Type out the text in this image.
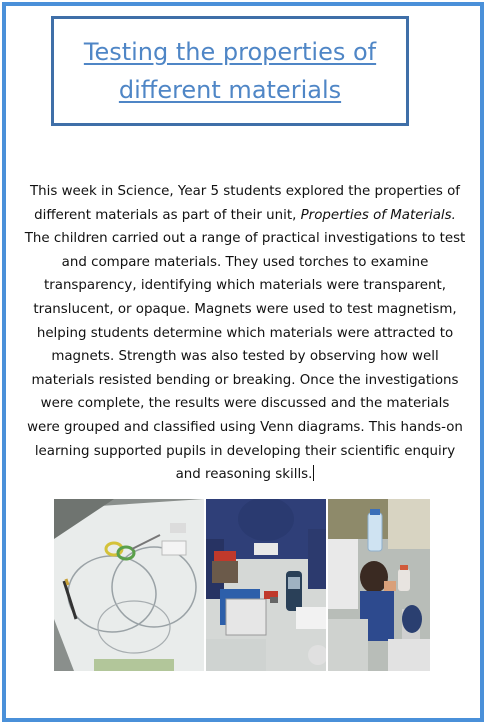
Testing the properties of different materials
This week in Science, Year 5 students explored the properties of different materials as part of their unit, Properties of Materials. The children carried out a range of practical investigations to test and compare materials. They used torches to examine transparency, identifying which materials were transparent, translucent, or opaque. Magnets were used to test magnetism, helping students determine which materials were attracted to magnets. Strength was also tested by observing how well materials resisted bending or breaking. Once the investigations were complete, the results were discussed and the materials were grouped and classified using Venn diagrams. This hands-on learning supported pupils in developing their scientific enquiry and reasoning skills.
